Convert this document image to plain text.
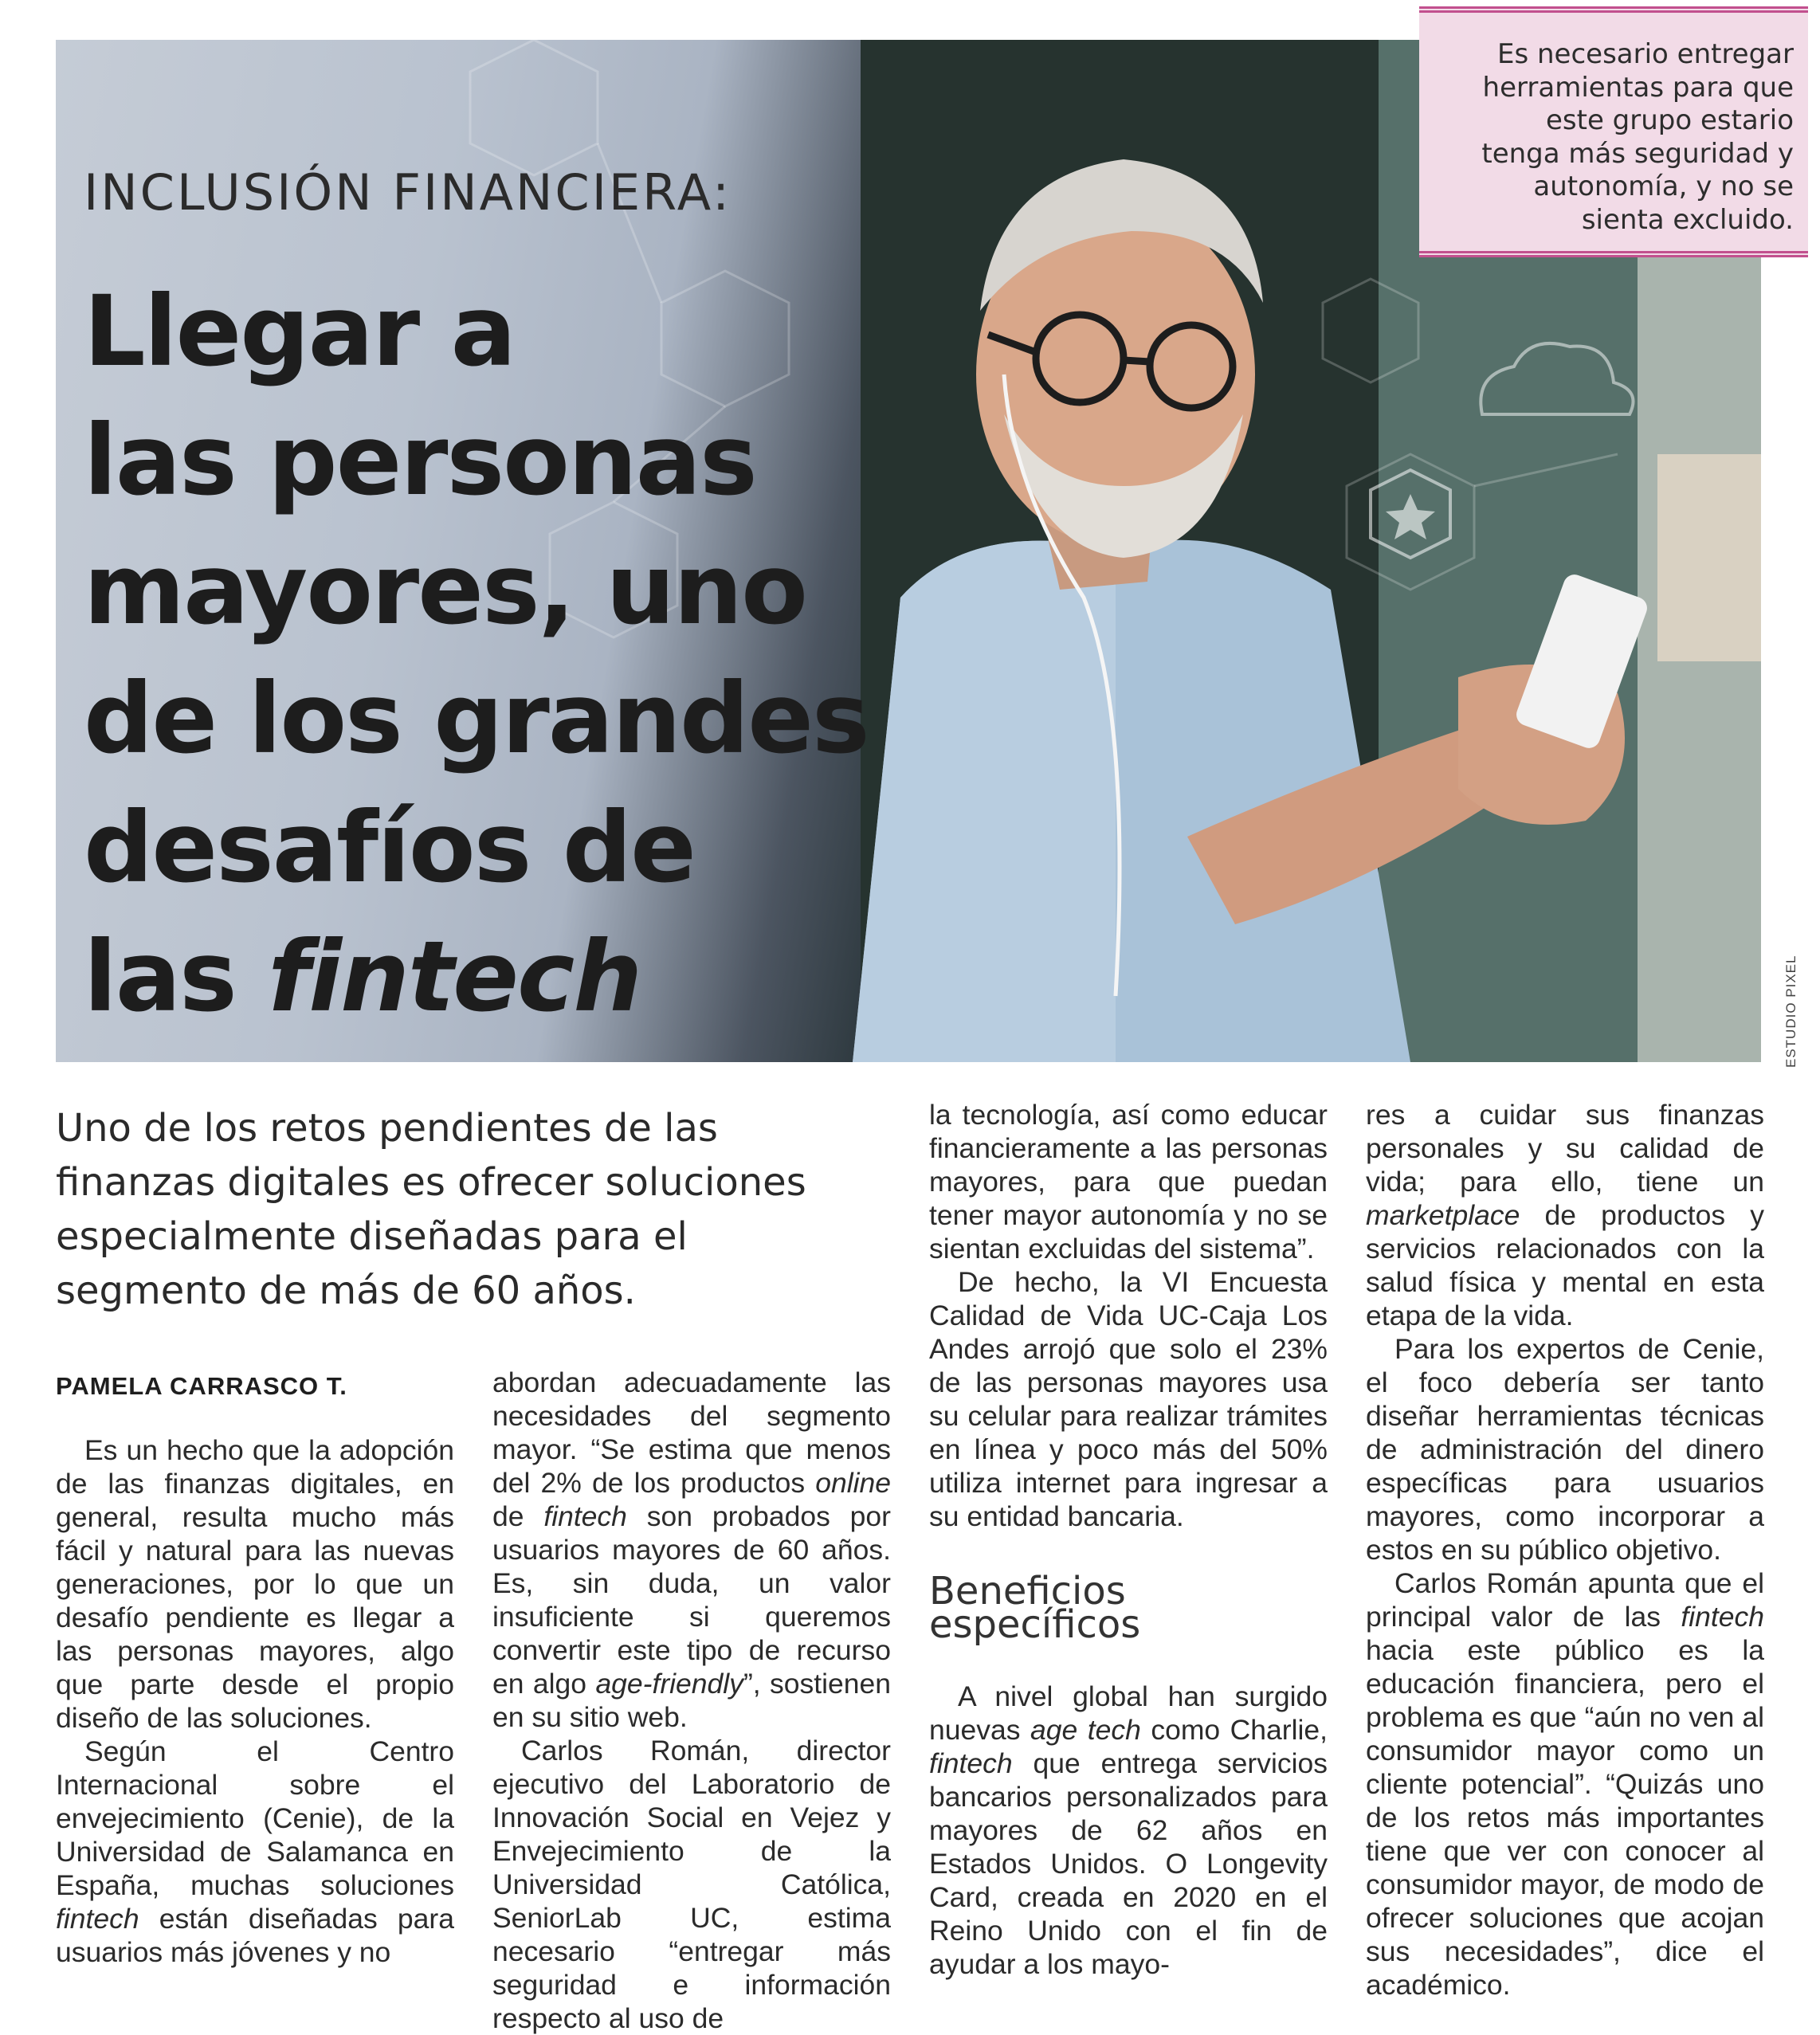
INCLUSIÓN FINANCIERA:
Llegar a
las personas
mayores, uno
de los grandes
desafíos de
las fintech
Es necesario entregar
herramientas para que
este grupo estario
tenga más seguridad y
autonomía, y no se
sienta excluido.
ESTUDIO PIXEL
Uno de los retos pendientes de las finanzas digitales es ofrecer soluciones especialmente diseñadas para el segmento de más de 60 años.
PAMELA CARRASCO T.

Es un hecho que la adopción de las finanzas digitales, en general, resulta mucho más fácil y natural para las nuevas generaciones, por lo que un desafío pendiente es llegar a las personas mayores, algo que parte desde el propio diseño de las soluciones.

Según el Centro Internacional sobre el envejecimiento (Cenie), de la Universidad de Salamanca en España, muchas soluciones fintech están diseñadas para usuarios más jóvenes y no

abordan adecuadamente las necesidades del segmento mayor. “Se estima que menos del 2% de los productos online de fintech son probados por usuarios mayores de 60 años. Es, sin duda, un valor insuficiente si queremos convertir este tipo de recurso en algo age-friendly”, sostienen en su sitio web.

Carlos Román, director ejecutivo del Laboratorio de Innovación Social en Vejez y Envejecimiento de la Universidad Católica, SeniorLab UC, estima necesario “entregar más seguridad e información respecto al uso de

la tecnología, así como educar financieramente a las personas mayores, para que puedan tener mayor autonomía y no se sientan excluidas del sistema”.

De hecho, la VI Encuesta Calidad de Vida UC-Caja Los Andes arrojó que solo el 23% de las personas mayores usa su celular para realizar trámites en línea y poco más del 50% utiliza internet para ingresar a su entidad bancaria.

Beneficios específicos

A nivel global han surgido nuevas age tech como Charlie, fintech que entrega servicios bancarios personalizados para mayores de 62 años en Estados Unidos. O Longevity Card, creada en 2020 en el Reino Unido con el fin de ayudar a los mayo-

res a cuidar sus finanzas personales y su calidad de vida; para ello, tiene un marketplace de productos y servicios relacionados con la salud física y mental en esta etapa de la vida.

Para los expertos de Cenie, el foco debería ser tanto diseñar herramientas técnicas de administración del dinero específicas para usuarios mayores, como incorporar a estos en su público objetivo.

Carlos Román apunta que el principal valor de las fintech hacia este público es la educación financiera, pero el problema es que “aún no ven al consumidor mayor como un cliente potencial”. “Quizás uno de los retos más importantes tiene que ver con conocer al consumidor mayor, de modo de ofrecer soluciones que acojan sus necesidades”, dice el académico.
